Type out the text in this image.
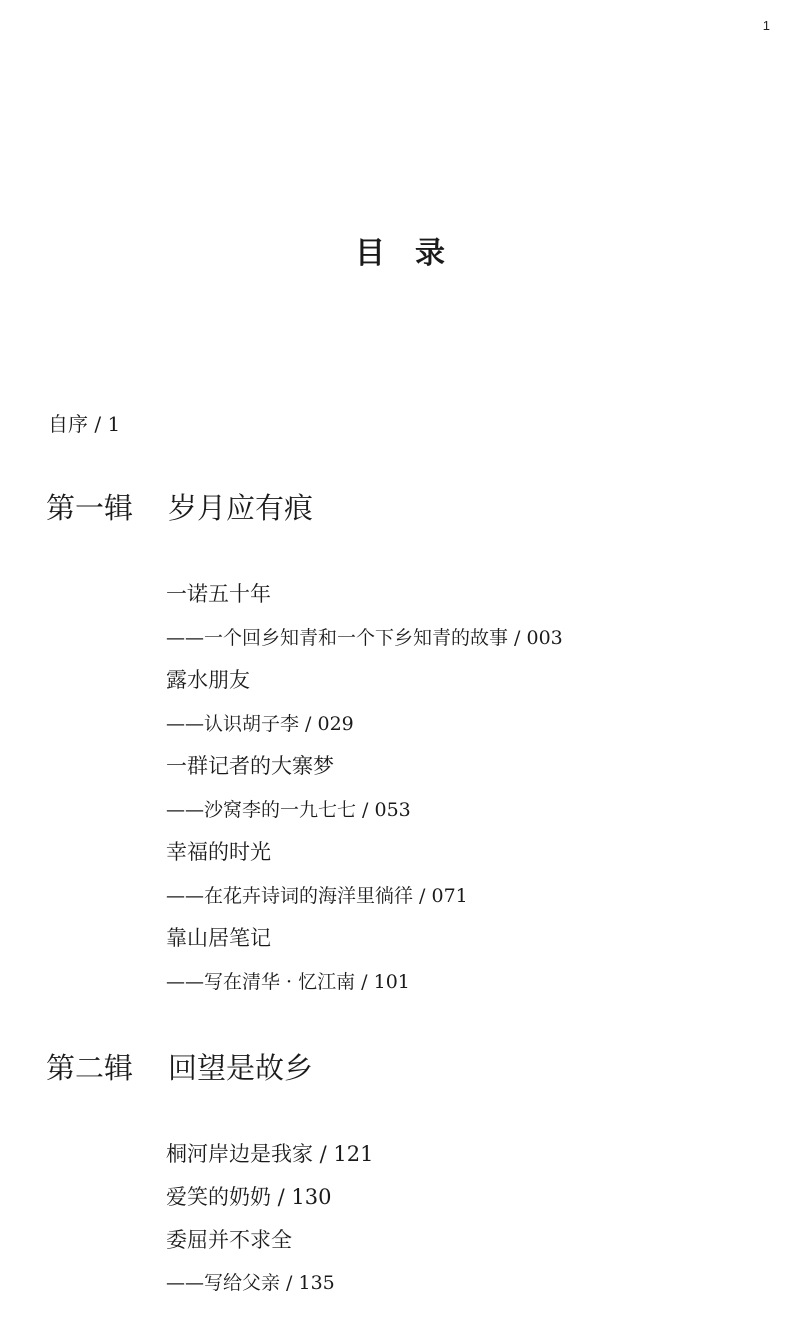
1
目录
自序 / 1
第一辑 岁月应有痕
一诺五十年
——一个回乡知青和一个下乡知青的故事 / 003
露水朋友
——认识胡子李 / 029
一群记者的大寨梦
——沙窝李的一九七七 / 053
幸福的时光
——在花卉诗词的海洋里徜徉 / 071
靠山居笔记
——写在清华 · 忆江南 / 101
第二辑 回望是故乡
桐河岸边是我家 / 121
爱笑的奶奶 / 130
委屈并不求全
——写给父亲 / 135
